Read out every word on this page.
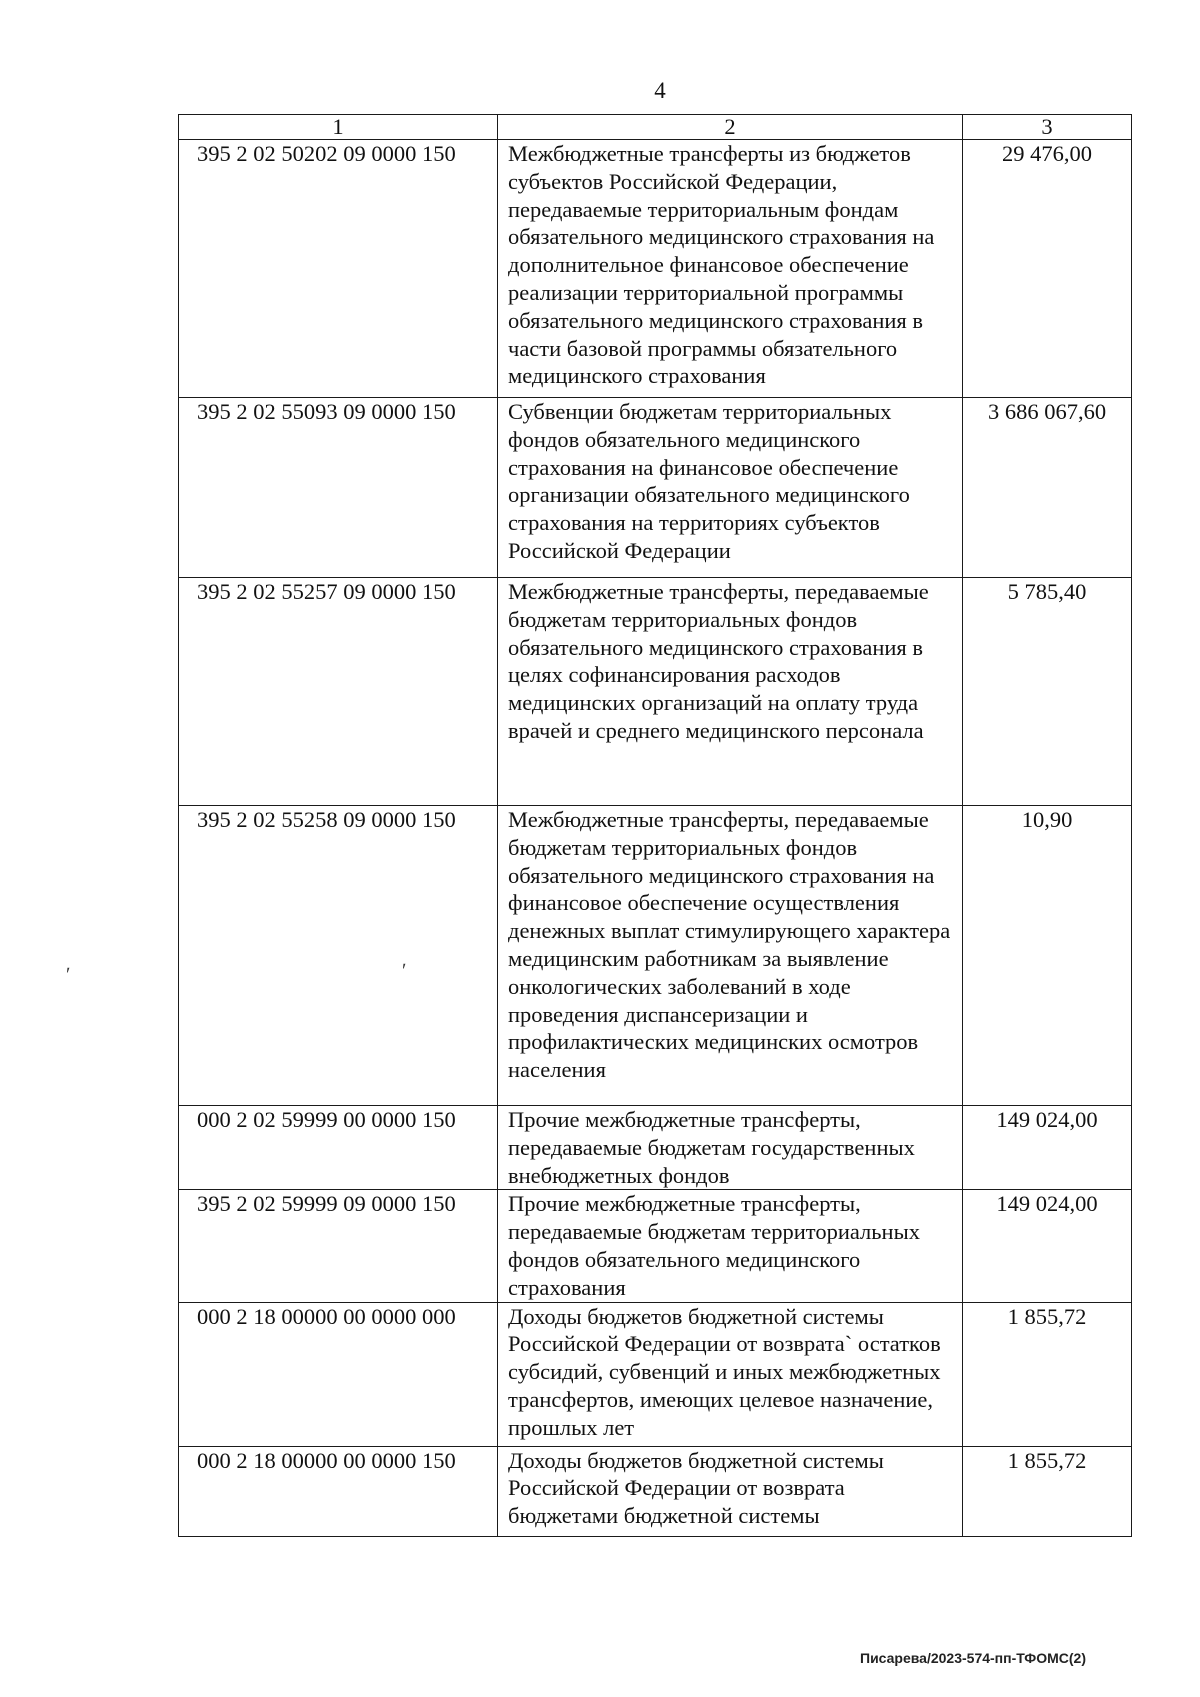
4
1	2	3
395 2 02 50202 09 0000 150	Межбюджетные трансферты из бюджетов субъектов Российской Федерации, передаваемые территориальным фондам обязательного медицинского страхования на дополнительное финансовое обеспечение реализации территориальной программы обязательного медицинского страхования в части базовой программы обязательного медицинского страхования	29 476,00
395 2 02 55093 09 0000 150	Субвенции бюджетам территориальных фондов обязательного медицинского страхования на финансовое обеспечение организации обязательного медицинского страхования на территориях субъектов Российской Федерации	3 686 067,60
395 2 02 55257 09 0000 150	Межбюджетные трансферты, передаваемые бюджетам территориальных фондов обязательного медицинского страхования в целях софинансирования расходов медицинских организаций на оплату труда врачей и среднего медицинского персонала	5 785,40
395 2 02 55258 09 0000 150	Межбюджетные трансферты, передаваемые бюджетам территориальных фондов обязательного медицинского страхования на финансовое обеспечение осуществления денежных выплат стимулирующего характера медицинским работникам за выявление онкологических заболеваний в ходе проведения диспансеризации и профилактических медицинских осмотров населения	10,90
000 2 02 59999 00 0000 150	Прочие межбюджетные трансферты, передаваемые бюджетам государственных внебюджетных фондов	149 024,00
395 2 02 59999 09 0000 150	Прочие межбюджетные трансферты, передаваемые бюджетам территориальных фондов обязательного медицинского страхования	149 024,00
000 2 18 00000 00 0000 000	Доходы бюджетов бюджетной системы Российской Федерации от возврата` остатков субсидий, субвенций и иных межбюджетных трансфертов, имеющих целевое назначение, прошлых лет	1 855,72
000 2 18 00000 00 0000 150	Доходы бюджетов бюджетной системы Российской Федерации от возврата бюджетами бюджетной системы	1 855,72
ʹ	ʹ
Писарева/2023-574-пп-ТФОМС(2)
